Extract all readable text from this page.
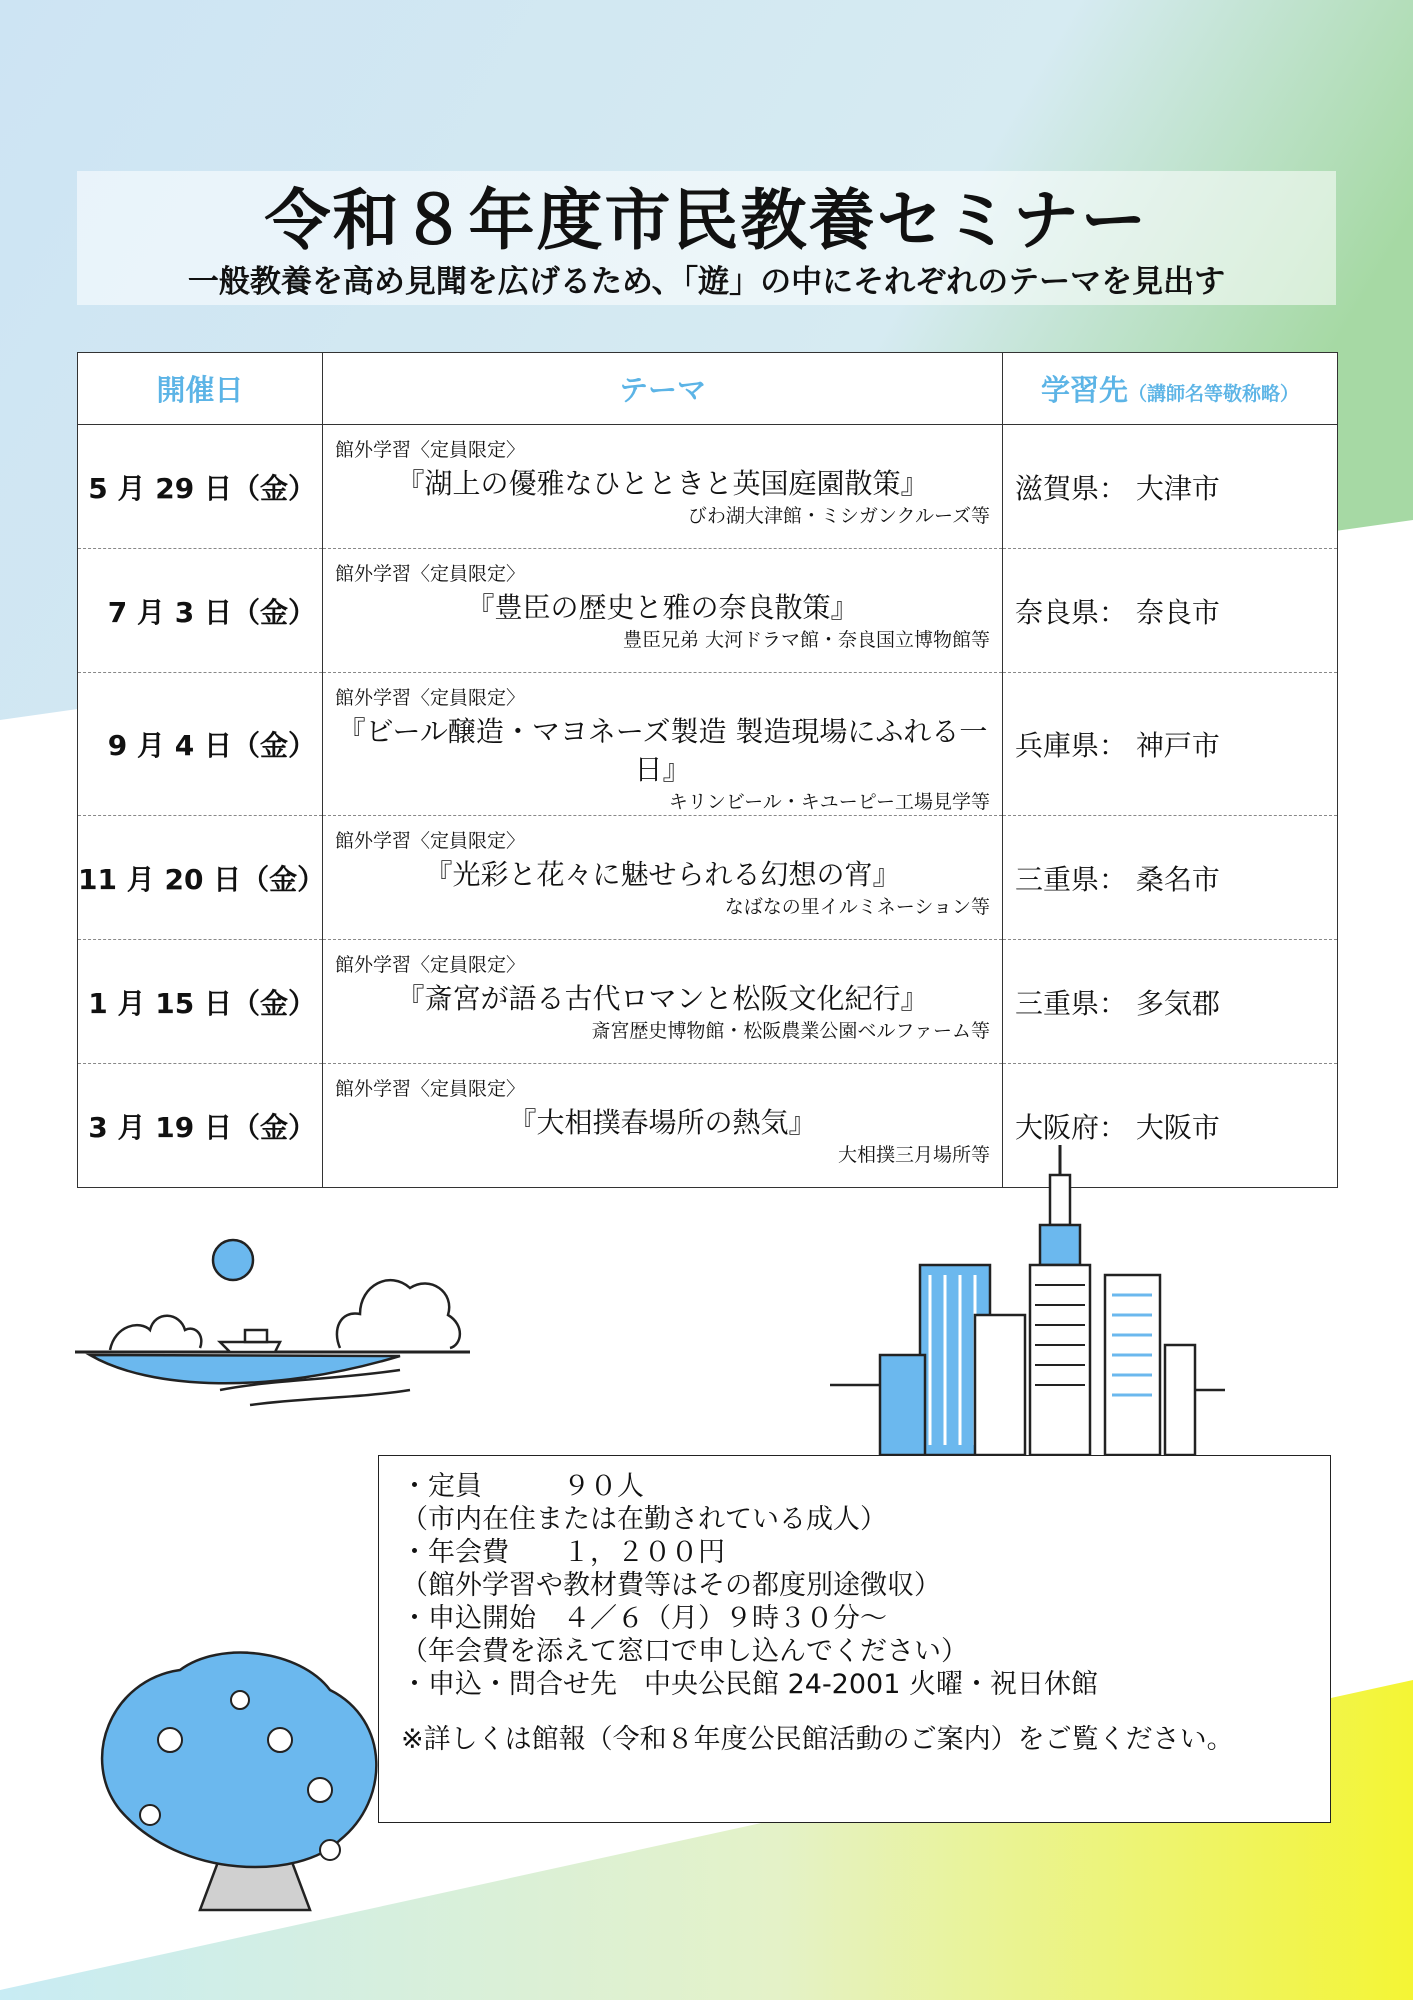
令和８年度市民教養セミナー
一般教養を高め見聞を広げるため、「遊」の中にそれぞれのテーマを見出す
開催日	テーマ	学習先（講師名等敬称略）
5 月 29 日（金）	館外学習〈定員限定〉
『湖上の優雅なひとときと英国庭園散策』
びわ湖大津館・ミシガンクルーズ等	滋賀県： 大津市
7 月 3 日（金）	館外学習〈定員限定〉
『豊臣の歴史と雅の奈良散策』
豊臣兄弟 大河ドラマ館・奈良国立博物館等	奈良県： 奈良市
9 月 4 日（金）	館外学習〈定員限定〉
『ビール醸造・マヨネーズ製造 製造現場にふれる一日』
キリンビール・キユーピー工場見学等	兵庫県： 神戸市
11 月 20 日（金）	館外学習〈定員限定〉
『光彩と花々に魅せられる幻想の宵』
なばなの里イルミネーション等	三重県： 桑名市
1 月 15 日（金）	館外学習〈定員限定〉
『斎宮が語る古代ロマンと松阪文化紀行』
斎宮歴史博物館・松阪農業公園ベルファーム等	三重県： 多気郡
3 月 19 日（金）	館外学習〈定員限定〉
『大相撲春場所の熱気』
大相撲三月場所等	大阪府： 大阪市
・定員　　　９０人
（市内在住または在勤されている成人）
・年会費　　１，２００円
（館外学習や教材費等はその都度別途徴収）
・申込開始　４／６（月）９時３０分～
（年会費を添えて窓口で申し込んでください）
・申込・問合せ先　中央公民館 24-2001 火曜・祝日休館
※詳しくは館報（令和８年度公民館活動のご案内）をご覧ください。
